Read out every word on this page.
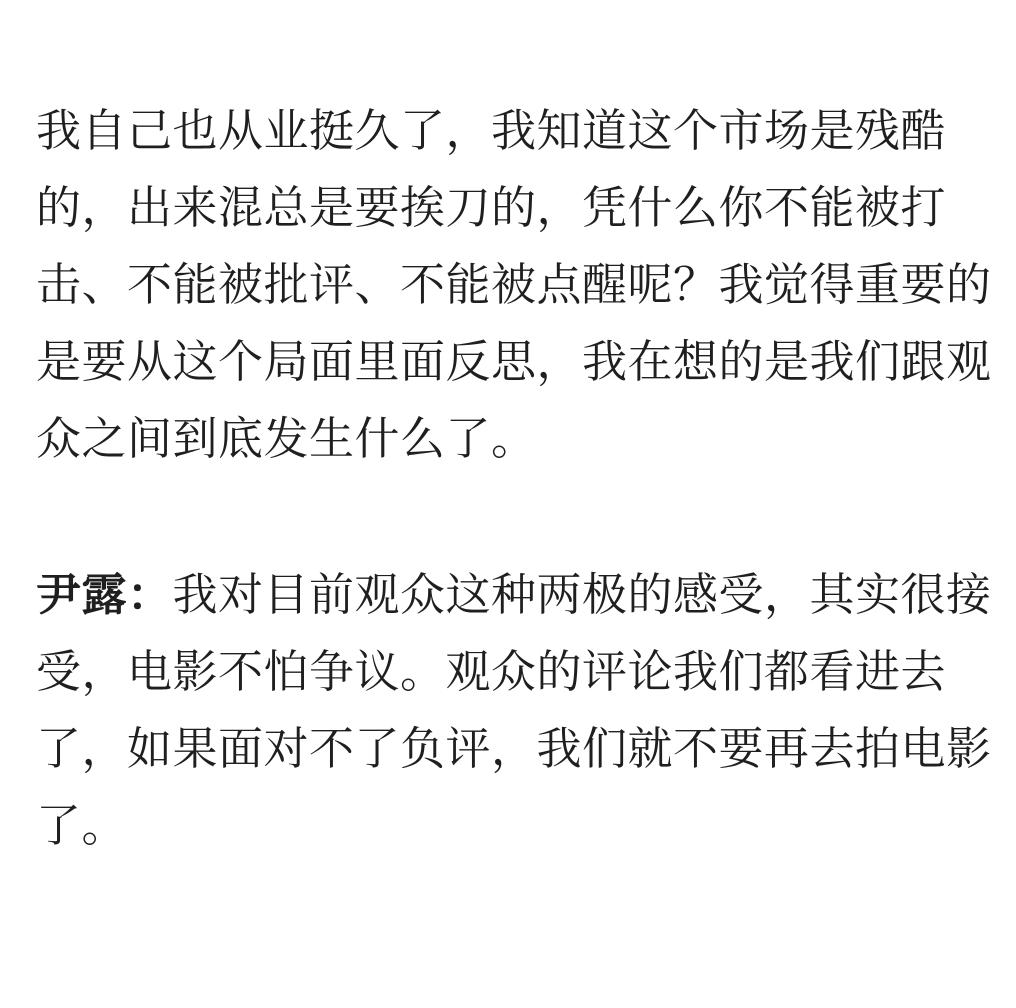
我自己也从业挺久了，我知道这个市场是残酷
的，出来混总是要挨刀的，凭什么你不能被打
击、不能被批评、不能被点醒呢？我觉得重要的
是要从这个局面里面反思，我在想的是我们跟观
众之间到底发生什么了。

尹露：我对目前观众这种两极的感受，其实很接
受，电影不怕争议。观众的评论我们都看进去
了，如果面对不了负评，我们就不要再去拍电影
了。
